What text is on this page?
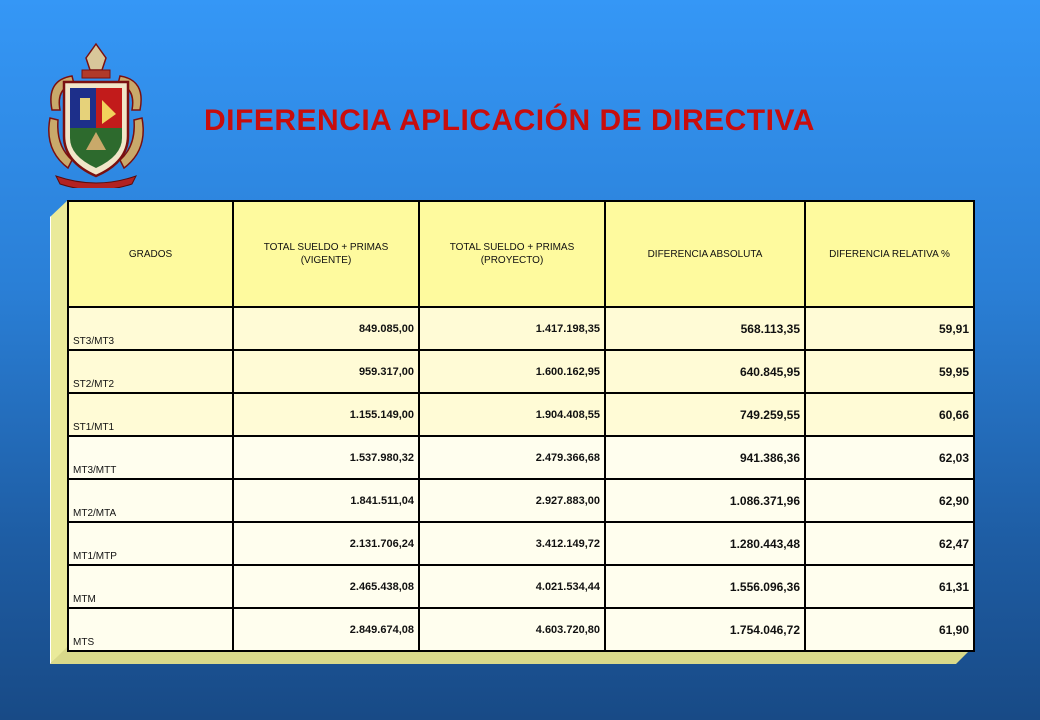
DIFERENCIA APLICACIÓN DE DIRECTIVA
GRADOS	TOTAL SUELDO + PRIMAS (VIGENTE)	TOTAL SUELDO + PRIMAS (PROYECTO)	DIFERENCIA ABSOLUTA	DIFERENCIA RELATIVA %
ST3/MT3	849.085,00	1.417.198,35	568.113,35	59,91
ST2/MT2	959.317,00	1.600.162,95	640.845,95	59,95
ST1/MT1	1.155.149,00	1.904.408,55	749.259,55	60,66
MT3/MTT	1.537.980,32	2.479.366,68	941.386,36	62,03
MT2/MTA	1.841.511,04	2.927.883,00	1.086.371,96	62,90
MT1/MTP	2.131.706,24	3.412.149,72	1.280.443,48	62,47
MTM	2.465.438,08	4.021.534,44	1.556.096,36	61,31
MTS	2.849.674,08	4.603.720,80	1.754.046,72	61,90
